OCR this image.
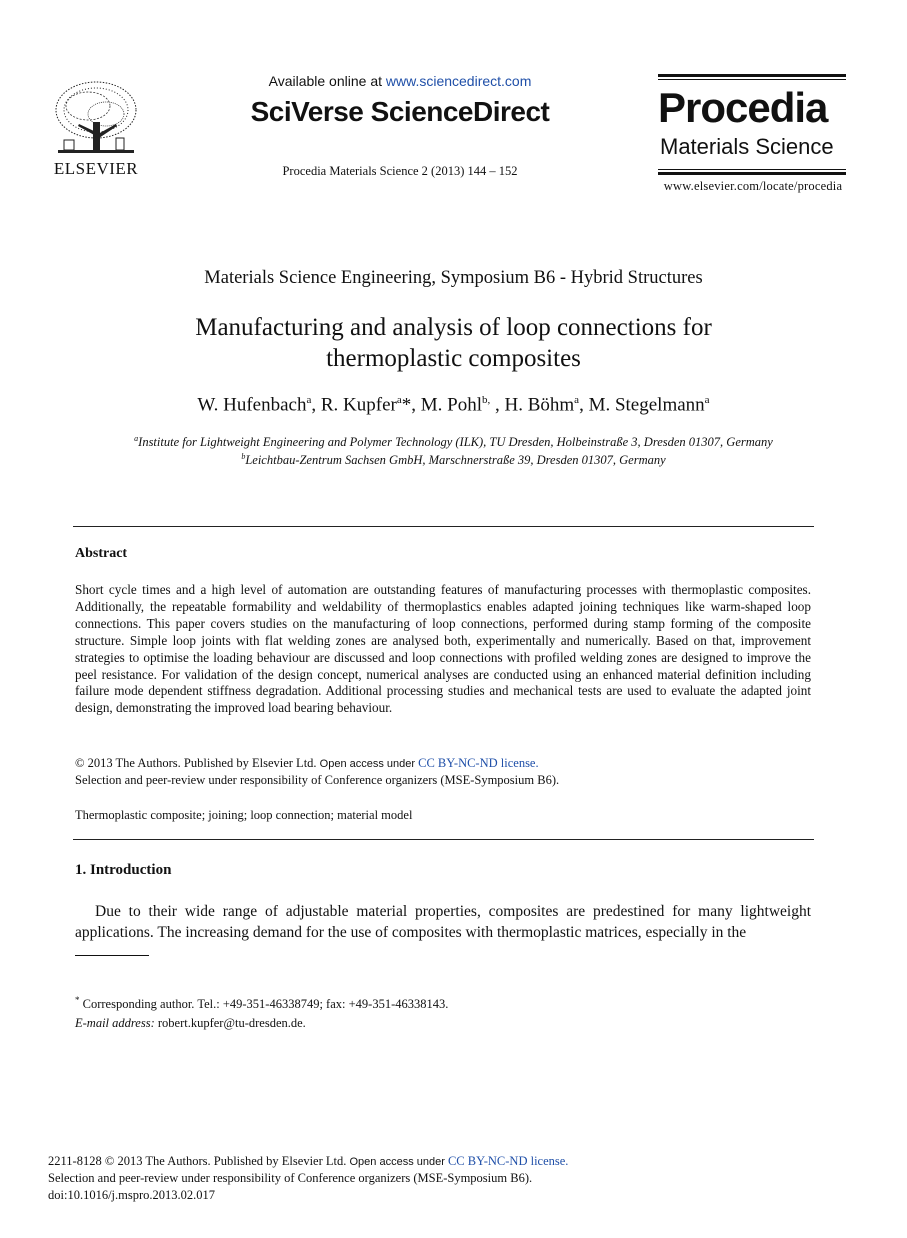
ELSEVIER
Available online at www.sciencedirect.com
SciVerse ScienceDirect
Procedia Materials Science 2 (2013) 144 – 152
Procedia
Materials Science
www.elsevier.com/locate/procedia
Materials Science Engineering, Symposium B6 - Hybrid Structures
Manufacturing and analysis of loop connections for
thermoplastic composites
W. Hufenbach$^a$, R. Kupfer$^a$*, M. Pohl$^{b,}$ , H. Böhm$^a$, M. Stegelmann$^a$
$^a$Institute for Lightweight Engineering and Polymer Technology (ILK), TU Dresden, Holbeinstraße 3, Dresden 01307, Germany
$^b$Leichtbau-Zentrum Sachsen GmbH, Marschnerstraße 39, Dresden 01307, Germany
Abstract
Short cycle times and a high level of automation are outstanding features of manufacturing processes with thermoplastic composites. Additionally, the repeatable formability and weldability of thermoplastics enables adapted joining techniques like warm-shaped loop connections. This paper covers studies on the manufacturing of loop connections, performed during stamp forming of the composite structure. Simple loop joints with flat welding zones are analysed both, experimentally and numerically. Based on that, improvement strategies to optimise the loading behaviour are discussed and loop connections with profiled welding zones are designed to improve the peel resistance. For validation of the design concept, numerical analyses are conducted using an enhanced material definition including failure mode dependent stiffness degradation. Additional processing studies and mechanical tests are used to evaluate the adapted joint design, demonstrating the improved load bearing behaviour.
© 2013 The Authors. Published by Elsevier Ltd. Open access under CC BY-NC-ND license.
Selection and peer-review under responsibility of Conference organizers (MSE-Symposium B6).
Thermoplastic composite; joining; loop connection; material model
1. Introduction
Due to their wide range of adjustable material properties, composites are predestined for many lightweight applications. The increasing demand for the use of composites with thermoplastic matrices, especially in the
* Corresponding author. Tel.: +49-351-46338749; fax: +49-351-46338143.
E-mail address: robert.kupfer@tu-dresden.de.
2211-8128 © 2013 The Authors. Published by Elsevier Ltd. Open access under CC BY-NC-ND license.
Selection and peer-review under responsibility of Conference organizers (MSE-Symposium B6).
doi:10.1016/j.mspro.2013.02.017
